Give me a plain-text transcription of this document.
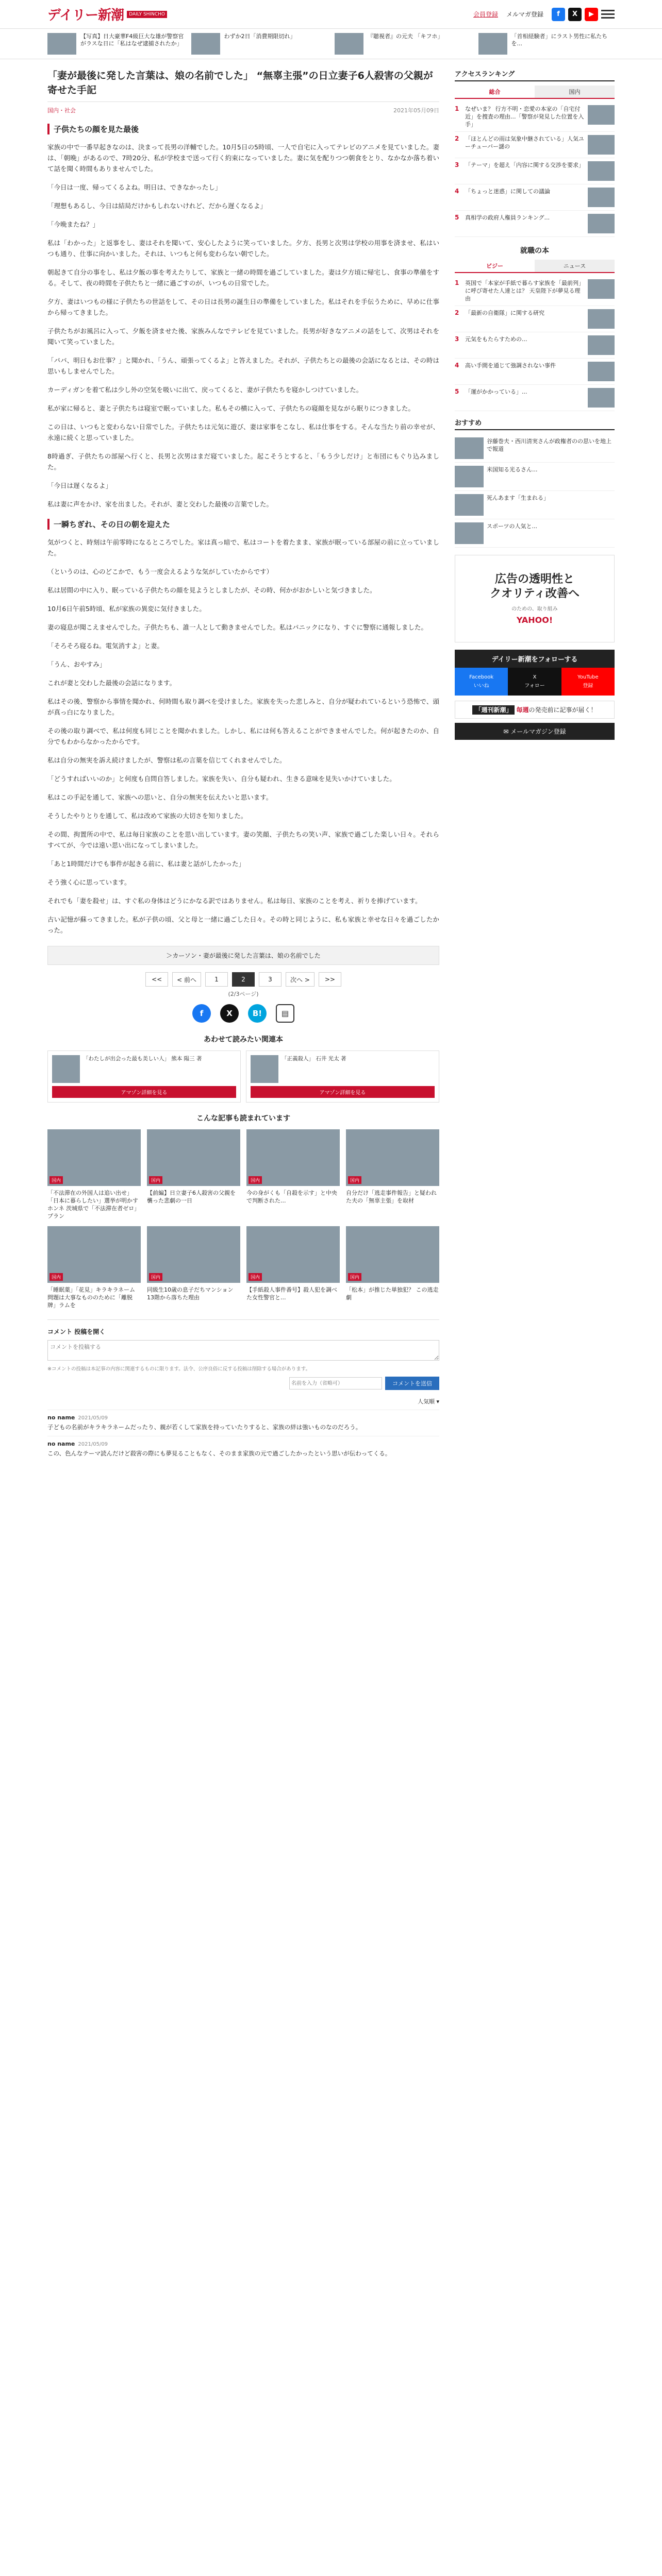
デイリー新潮	DAILY SHINCHO	会員登録 メルマガ登録	f	X	▶

【写真】日大豪華F4級巨大な雄が警察官がラスな日に「私はなぜ逮捕されたか」

わずか2日「消費期限切れ」	『聴視者』の元夫 「キフホ」	「首相経験者」にラスト男性に私たちを...

「妻が最後に発した言葉は、娘の名前でした」 “無辜主張”の日立妻子6人殺害の父親が寄せた手記
国内・社会	2021年05月09日
子供たちの顔を見た最後

家族の中で一番早起きなのは、決まって長男の洋輔でした。10月5日の5時頃、一人で自宅に入ってテレビのアニメを見ていました。妻は、「朝晩」があるので、7時20分、私が学校まで送って行く約束になっていました。妻に気を配りつつ朝食をとり、なかなか落ち着いて話を聞く時間もありませんでした。

「今日は一度、帰ってくるよね。明日は、できなかったし」

「理想もあるし、今日は結局だけかもしれないけれど、だから遅くなるよ」

「今晩またね？」

私は「わかった」と返事をし、妻はそれを聞いて、安心したように笑っていました。夕方、長男と次男は学校の用事を済ませ、私はいつも通り、仕事に向かいました。それは、いつもと何も変わらない朝でした。

朝起きて自分の事をし、私は夕飯の事を考えたりして、家族と一緒の時間を過ごしていました。妻は夕方頃に帰宅し、食事の準備をする。そして、夜の時間を子供たちと一緒に過ごすのが、いつもの日常でした。

夕方、妻はいつもの様に子供たちの世話をして、その日は長男の誕生日の準備をしていました。私はそれを手伝うために、早めに仕事から帰ってきました。

子供たちがお風呂に入って、夕飯を済ませた後、家族みんなでテレビを見ていました。長男が好きなアニメの話をして、次男はそれを聞いて笑っていました。

「パパ、明日もお仕事？」と聞かれ、「うん、頑張ってくるよ」と答えました。それが、子供たちとの最後の会話になるとは、その時は思いもしませんでした。

カーディガンを着て私は少し外の空気を吸いに出て、戻ってくると、妻が子供たちを寝かしつけていました。

私が家に帰ると、妻と子供たちは寝室で眠っていました。私もその横に入って、子供たちの寝顔を見ながら眠りにつきました。

この日は、いつもと変わらない日常でした。子供たちは元気に遊び、妻は家事をこなし、私は仕事をする。そんな当たり前の幸せが、永遠に続くと思っていました。

8時過ぎ、子供たちの部屋へ行くと、長男と次男はまだ寝ていました。起こそうとすると、「もう少しだけ」と布団にもぐり込みました。

「今日は遅くなるよ」

私は妻に声をかけ、家を出ました。それが、妻と交わした最後の言葉でした。

一瞬ちぎれ、その日の朝を迎えた

気がつくと、時刻は午前零時になるところでした。家は真っ暗で、私はコートを着たまま、家族が眠っている部屋の前に立っていました。

（というのは、心のどこかで、もう一度会えるような気がしていたからです）

私は居間の中に入り、眠っている子供たちの顔を見ようとしましたが、その時、何かがおかしいと気づきました。

10月6日午前5時頃、私が家族の異変に気付きました。

妻の寝息が聞こえませんでした。子供たちも、誰一人として動きませんでした。私はパニックになり、すぐに警察に通報しました。

「そろそろ寝るね。電気消すよ」と妻。

「うん、おやすみ」

これが妻と交わした最後の会話になります。

私はその後、警察から事情を聞かれ、何時間も取り調べを受けました。家族を失った悲しみと、自分が疑われているという恐怖で、頭が真っ白になりました。

その後の取り調べで、私は何度も同じことを聞かれました。しかし、私には何も答えることができませんでした。何が起きたのか、自分でもわからなかったからです。

私は自分の無実を訴え続けましたが、警察は私の言葉を信じてくれませんでした。

「どうすればいいのか」と何度も自問自答しました。家族を失い、自分も疑われ、生きる意味を見失いかけていました。

私はこの手記を通して、家族への思いと、自分の無実を伝えたいと思います。

そうしたやりとりを通して、私は改めて家族の大切さを知りました。

その間、拘置所の中で、私は毎日家族のことを思い出しています。妻の笑顔、子供たちの笑い声、家族で過ごした楽しい日々。それらすべてが、今では遠い思い出になってしまいました。

「あと1時間だけでも事件が起きる前に、私は妻と話がしたかった」

そう強く心に思っています。

それでも「妻を殺せ」は、すぐ私の身体はどうにかなる訳ではありません。私は毎日、家族のことを考え、祈りを捧げています。

古い記憶が蘇ってきました。私が子供の頃、父と母と一緒に過ごした日々。その時と同じように、私も家族と幸せな日々を過ごしたかった。

＞カーソン・妻が最後に発した言葉は、娘の名前でした
<<	< 前へ	1	2	3	次へ >	>>
(2/3ページ)
f	X	B!	▤
あわせて読みたい関連本

「わたしが出会った最も美しい人」 熊本 陽三 著

アマゾン詳細を見る

「正義殺人」 石井 光太 著

アマゾン詳細を見る
こんな記事も読まれています
国内

「不法滞在の外国人は追い出せ」「日本に暮らしたい」選挙が明かすホンネ 茨城県で「不法滞在者ゼロ」プラン

国内

【前編】日立妻子6人殺害の父親を襲った悲劇の一日

国内

今の身がくも「自殺を示す」と中央で判断された...

国内

自分だけ「逃走事件報告」と疑われた夫の「無辜主張」を取材

国内

「睡眠薬」「花見」キラキラネーム問題は大事なもののために「離脱牌」ラムを

国内

同級生10歳の息子だちマンション13階から落ちた理由

国内

【手紙殺人事件番号】殺人犯を調べた女性警官と...

国内

「松本」が推じた単独犯？ この逃走劇

コメント 投稿を開く
コメントを投稿する
※コメントの投稿は本記事の内容に関連するものに限ります。法令、公序良俗に反する投稿は削除する場合があります。
名前を入力（省略可）
コメントを送信
人気順 ▾
no name 2021/05/09

子どもの名前がキラキラネームだったり、親が若くして家族を持っていたりすると、家族の絆は強いものなのだろう。

no name 2021/05/09

この、色んなテーマ読んだけど殺害の際にも夢見ることもなく、そのまま家族の元で過ごしたかったという思いが伝わってくる。

アクセスランキング
総合	国内
1	なぜいま？ 行方不明・恋愛の本家の「自宅付近」を捜査の理由...「警察が発見した位置を入手」

2	「ほとんどの雨は気象中継されている」人気ユーチューバー謎の

3	「テーマ」を超え「内容に関する交渉を要求」

4	「ちょっと迷惑」に関しての議論

5	真相学の政府人権員ランキング...

就職の本
ビジー	ニュース
1	英国で「本家が手紙で暮らす家族を「最前列」に呼び寄せた人達とは？ 天皇陛下が夢見る理由

2	「最新の自衛隊」に関する研究

3	元気をもたらすための...

4	高い手間を通じて強調されない事件

5	「運がかかっている」...

おすすめ

谷藤巻夫・西川清実さんが政権者のの思いを地上で報道

米国知る光るさん...

死んあます「生まれる」

スポーツの人気と...

広告の透明性と
クオリティ改善へ
のための、取り組み
YAHOO!
デイリー新潮をフォローする
Facebook
いいね
X
フォロー
YouTube
登録
「週刊新潮」 毎週の発売前に記事が届く！
✉ メールマガジン登録
